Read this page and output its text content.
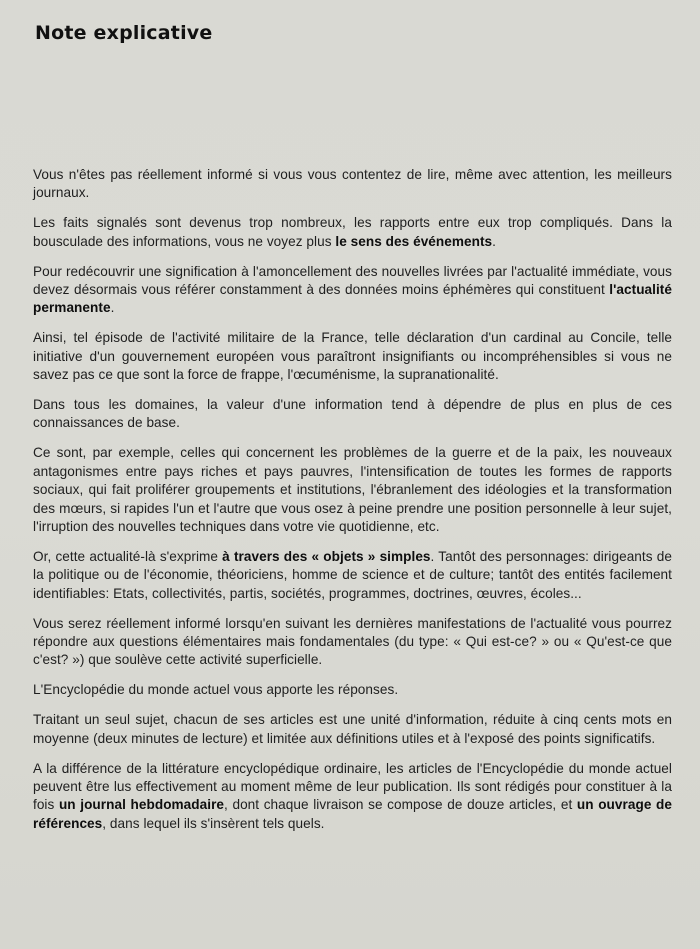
Note explicative

Vous n'êtes pas réellement informé si vous vous contentez de lire, même avec attention, les meilleurs journaux.

Les faits signalés sont devenus trop nombreux, les rapports entre eux trop compliqués. Dans la bousculade des informations, vous ne voyez plus le sens des événements.

Pour redécouvrir une signification à l'amoncellement des nouvelles livrées par l'actualité immédiate, vous devez désormais vous référer constamment à des données moins éphémères qui constituent l'actualité permanente.

Ainsi, tel épisode de l'activité militaire de la France, telle déclaration d'un cardinal au Concile, telle initiative d'un gouvernement européen vous paraîtront insignifiants ou incompréhensibles si vous ne savez pas ce que sont la force de frappe, l'œcuménisme, la supranationalité.

Dans tous les domaines, la valeur d'une information tend à dépendre de plus en plus de ces connaissances de base.

Ce sont, par exemple, celles qui concernent les problèmes de la guerre et de la paix, les nouveaux antagonismes entre pays riches et pays pauvres, l'intensification de toutes les formes de rapports sociaux, qui fait proliférer groupements et institutions, l'ébranlement des idéologies et la transformation des mœurs, si rapides l'un et l'autre que vous osez à peine prendre une position personnelle à leur sujet, l'irruption des nouvelles techniques dans votre vie quotidienne, etc.

Or, cette actualité-là s'exprime à travers des « objets » simples. Tantôt des personnages: dirigeants de la politique ou de l'économie, théoriciens, homme de science et de culture; tantôt des entités facilement identifiables: Etats, collectivités, partis, sociétés, programmes, doctrines, œuvres, écoles...

Vous serez réellement informé lorsqu'en suivant les dernières manifestations de l'actualité vous pourrez répondre aux questions élémentaires mais fondamentales (du type: « Qui est-ce? » ou « Qu'est-ce que c'est? ») que soulève cette activité superficielle.

L'Encyclopédie du monde actuel vous apporte les réponses.

Traitant un seul sujet, chacun de ses articles est une unité d'information, réduite à cinq cents mots en moyenne (deux minutes de lecture) et limitée aux définitions utiles et à l'exposé des points significatifs.

A la différence de la littérature encyclopédique ordinaire, les articles de l'Encyclopédie du monde actuel peuvent être lus effectivement au moment même de leur publication. Ils sont rédigés pour constituer à la fois un journal hebdomadaire, dont chaque livraison se compose de douze articles, et un ouvrage de références, dans lequel ils s'insèrent tels quels.
